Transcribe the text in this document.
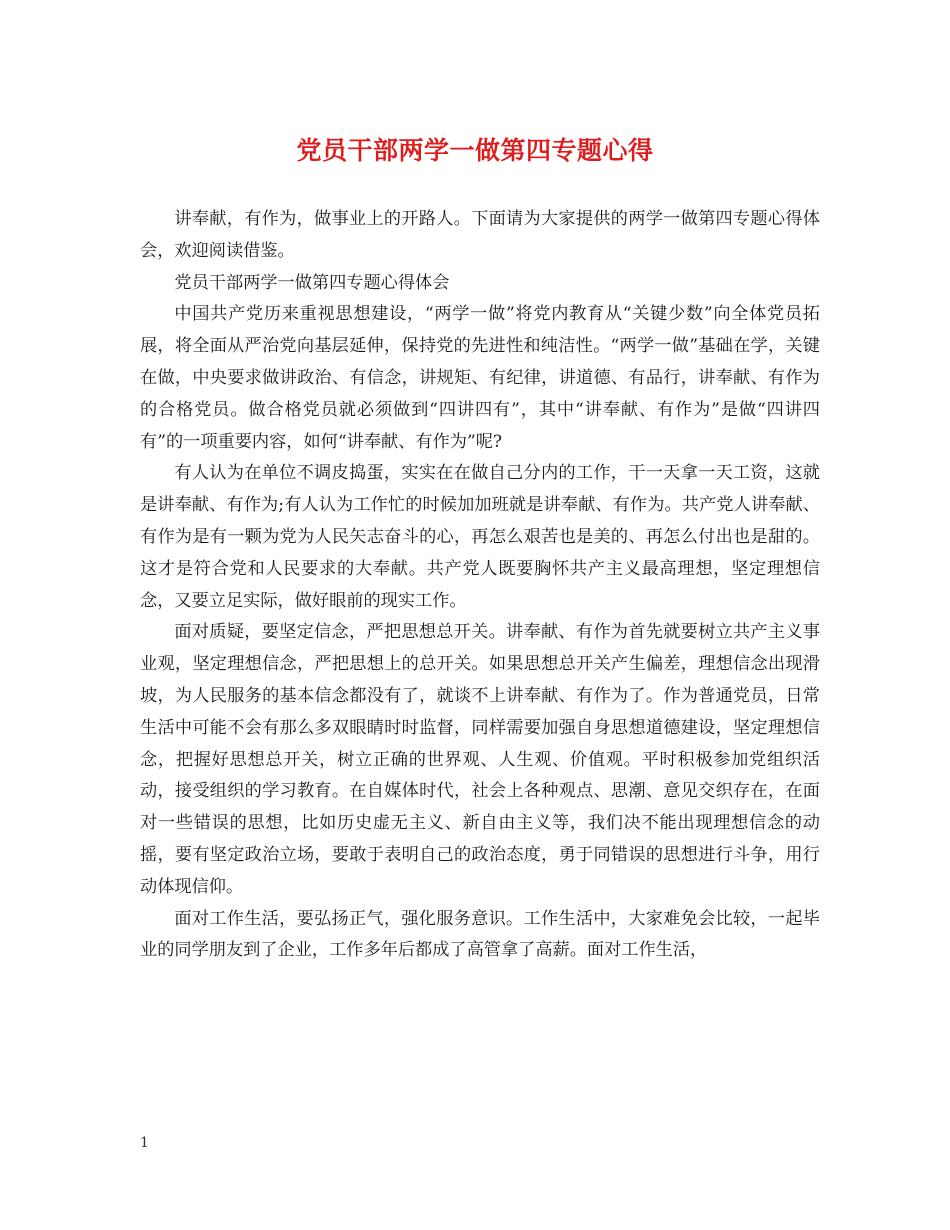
党员干部两学一做第四专题心得

讲奉献，有作为，做事业上的开路人。下面请为大家提供的两学一做第四专题心得体会，欢迎阅读借鉴。

党员干部两学一做第四专题心得体会

中国共产党历来重视思想建设，“两学一做”将党内教育从“关键少数”向全体党员拓展，将全面从严治党向基层延伸，保持党的先进性和纯洁性。“两学一做”基础在学，关键在做，中央要求做讲政治、有信念，讲规矩、有纪律，讲道德、有品行，讲奉献、有作为的合格党员。做合格党员就必须做到“四讲四有”，其中“讲奉献、有作为”是做“四讲四有”的一项重要内容，如何“讲奉献、有作为”呢?

有人认为在单位不调皮捣蛋，实实在在做自己分内的工作，干一天拿一天工资，这就是讲奉献、有作为;有人认为工作忙的时候加加班就是讲奉献、有作为。共产党人讲奉献、有作为是有一颗为党为人民矢志奋斗的心，再怎么艰苦也是美的、再怎么付出也是甜的。这才是符合党和人民要求的大奉献。共产党人既要胸怀共产主义最高理想，坚定理想信念，又要立足实际，做好眼前的现实工作。

面对质疑，要坚定信念，严把思想总开关。讲奉献、有作为首先就要树立共产主义事业观，坚定理想信念，严把思想上的总开关。如果思想总开关产生偏差，理想信念出现滑坡，为人民服务的基本信念都没有了，就谈不上讲奉献、有作为了。作为普通党员，日常生活中可能不会有那么多双眼睛时时监督，同样需要加强自身思想道德建设，坚定理想信念，把握好思想总开关，树立正确的世界观、人生观、价值观。平时积极参加党组织活动，接受组织的学习教育。在自媒体时代，社会上各种观点、思潮、意见交织存在，在面对一些错误的思想，比如历史虚无主义、新自由主义等，我们决不能出现理想信念的动摇，要有坚定政治立场，要敢于表明自己的政治态度，勇于同错误的思想进行斗争，用行动体现信仰。

面对工作生活，要弘扬正气，强化服务意识。工作生活中，大家难免会比较，一起毕业的同学朋友到了企业，工作多年后都成了高管拿了高薪。面对工作生活，

1
